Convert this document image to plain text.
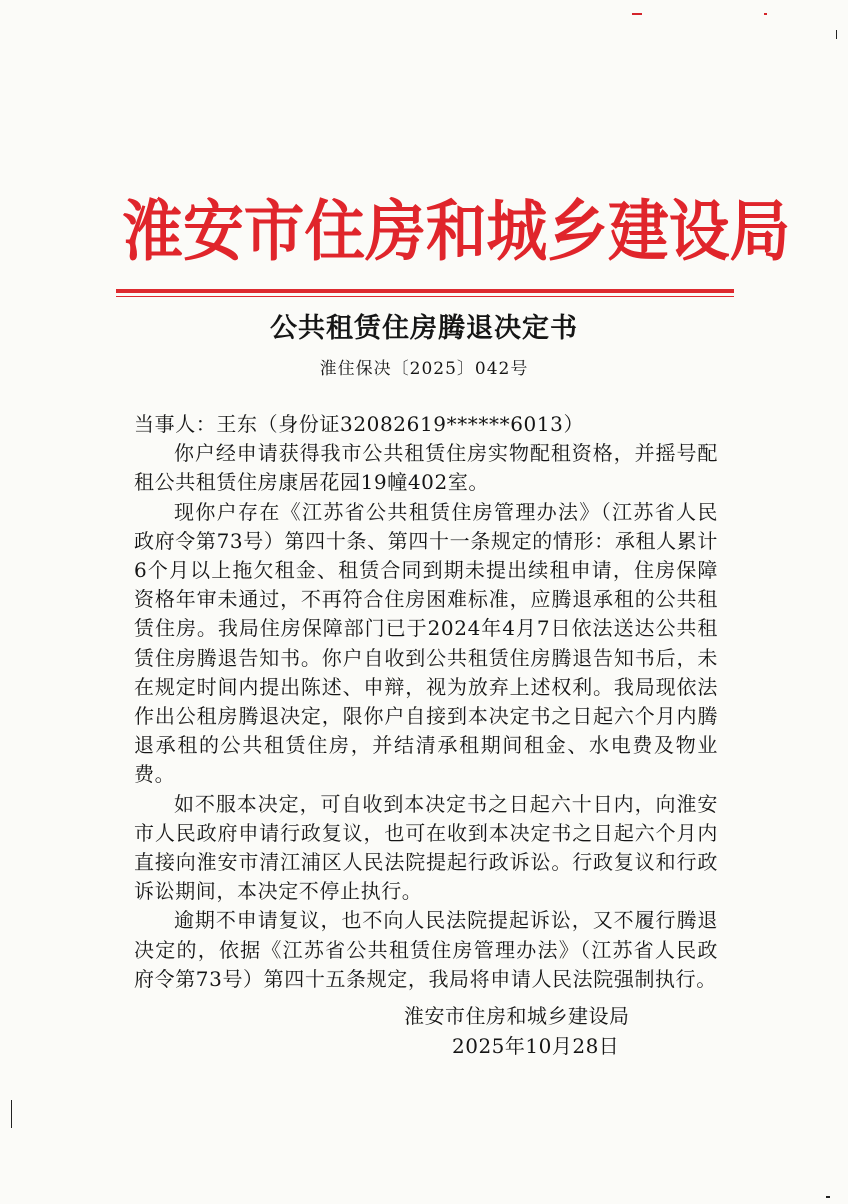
淮安市住房和城乡建设局
公共租赁住房腾退决定书
淮住保决〔2025〕042号

当事人：王东（身份证32082619******6013）

你户经申请获得我市公共租赁住房实物配租资格，并摇号配租公共租赁住房康居花园19幢402室。

现你户存在《江苏省公共租赁住房管理办法》（江苏省人民政府令第73号）第四十条、第四十一条规定的情形：承租人累计6个月以上拖欠租金、租赁合同到期未提出续租申请，住房保障资格年审未通过，不再符合住房困难标准，应腾退承租的公共租赁住房。我局住房保障部门已于2024年4月7日依法送达公共租赁住房腾退告知书。你户自收到公共租赁住房腾退告知书后，未在规定时间内提出陈述、申辩，视为放弃上述权利。我局现依法作出公租房腾退决定，限你户自接到本决定书之日起六个月内腾退承租的公共租赁住房，并结清承租期间租金、水电费及物业费。

如不服本决定，可自收到本决定书之日起六十日内，向淮安市人民政府申请行政复议，也可在收到本决定书之日起六个月内直接向淮安市清江浦区人民法院提起行政诉讼。行政复议和行政诉讼期间，本决定不停止执行。

逾期不申请复议，也不向人民法院提起诉讼，又不履行腾退决定的，依据《江苏省公共租赁住房管理办法》（江苏省人民政府令第73号）第四十五条规定，我局将申请人民法院强制执行。

淮安市住房和城乡建设局
2025年10月28日
